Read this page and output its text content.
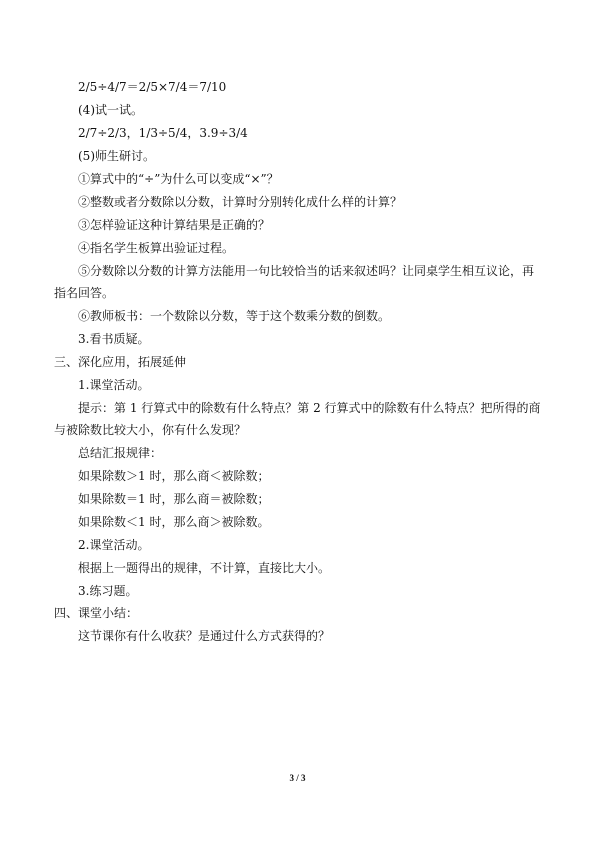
2/5÷4/7＝2/5×7/4＝7/10
(4)试一试。
2/7÷2/3，1/3÷5/4，3.9÷3/4
(5)师生研讨。
①算式中的“÷”为什么可以变成“×”？
②整数或者分数除以分数，计算时分别转化成什么样的计算？
③怎样验证这种计算结果是正确的？
④指名学生板算出验证过程。
⑤分数除以分数的计算方法能用一句比较恰当的话来叙述吗？让同桌学生相互议论，再
指名回答。
⑥教师板书：一个数除以分数，等于这个数乘分数的倒数。
3.看书质疑。
三、深化应用，拓展延伸
1.课堂活动。
提示：第 1 行算式中的除数有什么特点？第 2 行算式中的除数有什么特点？把所得的商
与被除数比较大小，你有什么发现？
总结汇报规律：
如果除数＞1 时，那么商＜被除数；
如果除数＝1 时，那么商＝被除数；
如果除数＜1 时，那么商＞被除数。
2.课堂活动。
根据上一题得出的规律，不计算，直接比大小。
3.练习题。
四、课堂小结：
这节课你有什么收获？是通过什么方式获得的？
3 / 3
